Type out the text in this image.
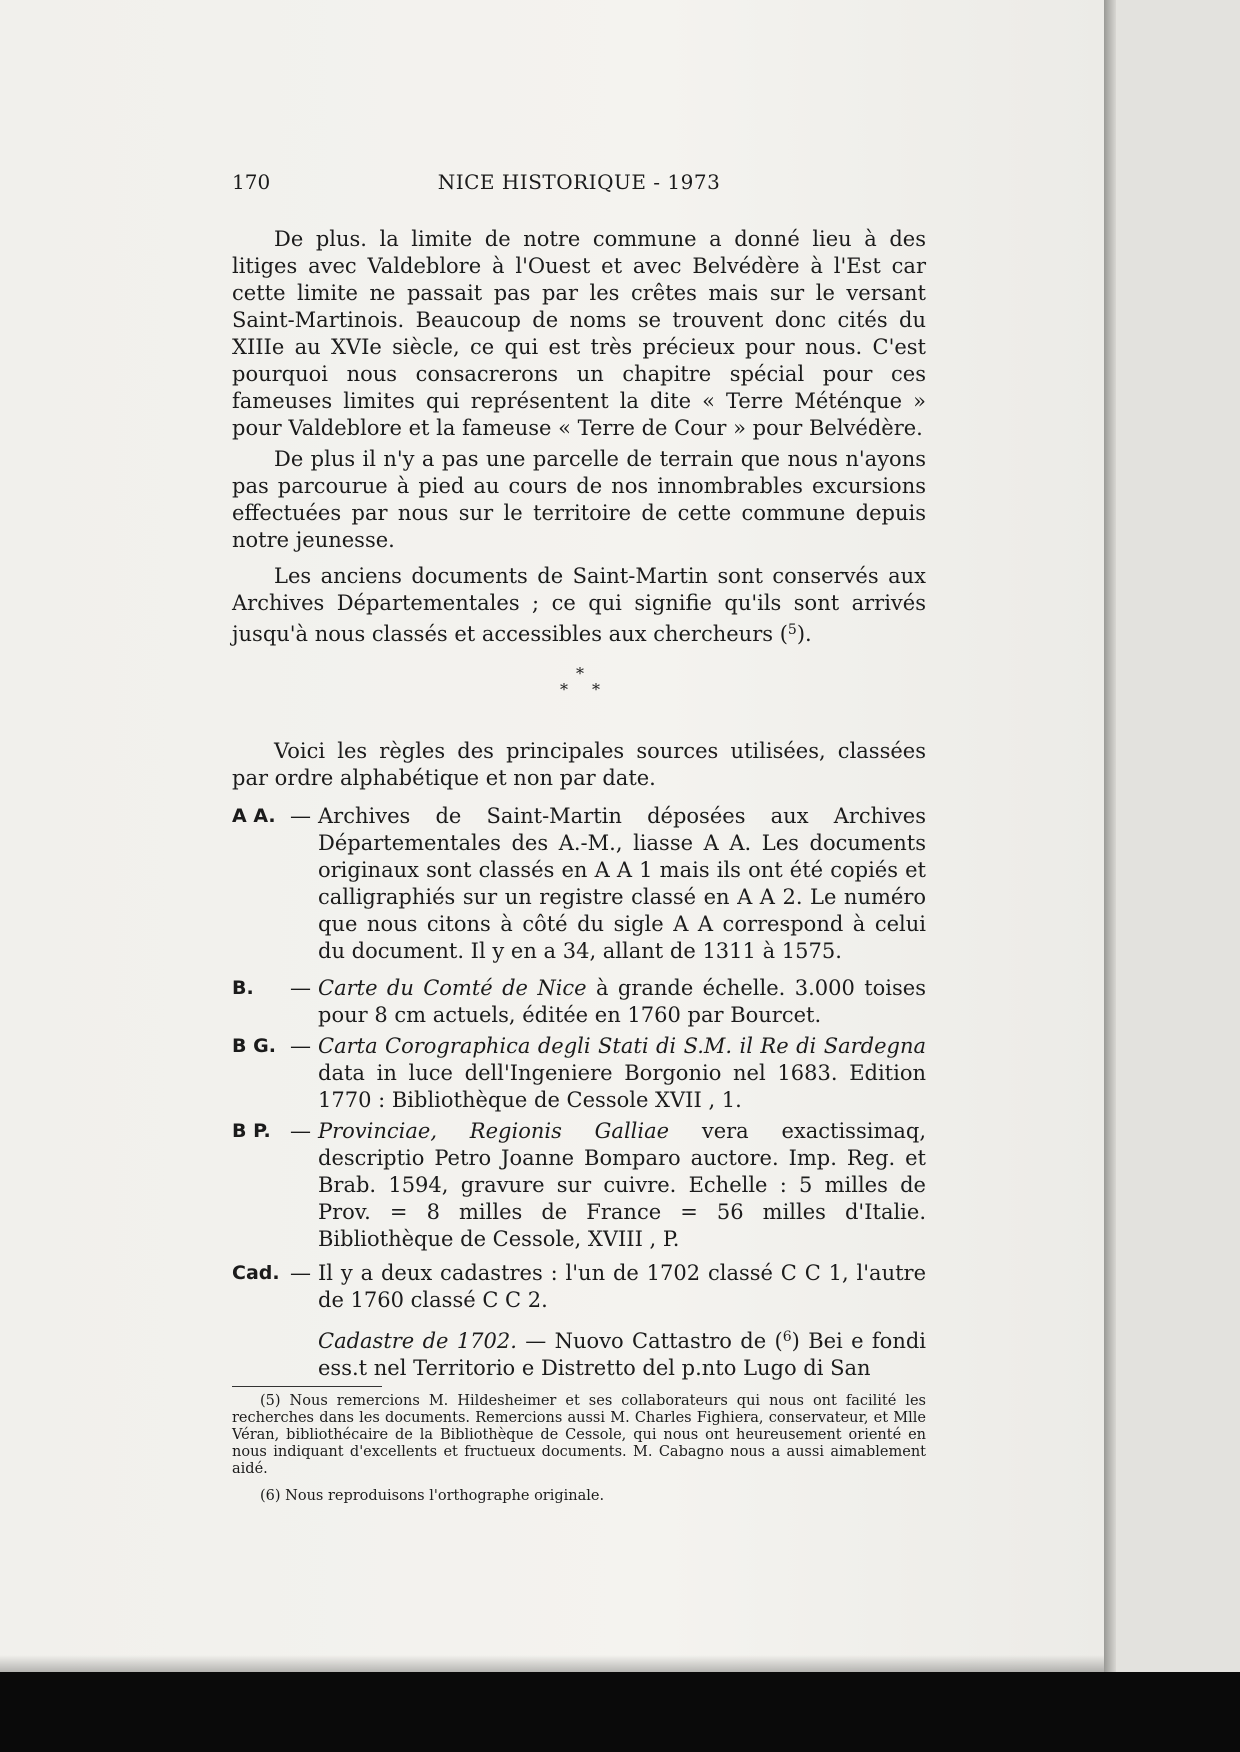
170	NICE HISTORIQUE - 1973

De plus. la limite de notre commune a donné lieu à des litiges avec Valdeblore à l'Ouest et avec Belvédère à l'Est car cette limite ne passait pas par les crêtes mais sur le versant Saint-Martinois. Beaucoup de noms se trouvent donc cités du XIIIe au XVIe siècle, ce qui est très précieux pour nous. C'est pourquoi nous consacrerons un chapitre spécial pour ces fameuses limites qui représentent la dite « Terre Méténque » pour Valdeblore et la fameuse « Terre de Cour » pour Belvédère.

De plus il n'y a pas une parcelle de terrain que nous n'ayons pas parcourue à pied au cours de nos innombrables excursions effectuées par nous sur le territoire de cette commune depuis notre jeunesse.

Les anciens documents de Saint-Martin sont conservés aux Archives Départementales ; ce qui signifie qu'ils sont arrivés jusqu'à nous classés et accessibles aux chercheurs ($^5$).

*
* *

Voici les règles des principales sources utilisées, classées par ordre alphabétique et non par date.

A A. — Archives de Saint-Martin déposées aux Archives Départementales des A.-M., liasse A A. Les documents originaux sont classés en A A 1 mais ils ont été copiés et calligraphiés sur un registre classé en A A 2. Le numéro que nous citons à côté du sigle A A correspond à celui du document. Il y en a 34, allant de 1311 à 1575.

B. — Carte du Comté de Nice à grande échelle. 3.000 toises pour 8 cm actuels, éditée en 1760 par Bourcet.

B G. — Carta Corographica degli Stati di S.M. il Re di Sardegna data in luce dell'Ingeniere Borgonio nel 1683. Edition 1770 : Bibliothèque de Cessole XVII , 1.

B P. — Provinciae, Regionis Galliae vera exactissimaq, descriptio Petro Joanne Bomparo auctore. Imp. Reg. et Brab. 1594, gravure sur cuivre. Echelle : 5 milles de Prov. = 8 milles de France = 56 milles d'Italie. Bibliothèque de Cessole, XVIII , P.

Cad. — Il y a deux cadastres : l'un de 1702 classé C C 1, l'autre de 1760 classé C C 2.

Cadastre de 1702. — Nuovo Cattastro de ($^6$) Bei e fondi ess.t nel Territorio e Distretto del p.nto Lugo di San

(5) Nous remercions M. Hildesheimer et ses collaborateurs qui nous ont facilité les recherches dans les documents. Remercions aussi M. Charles Fighiera, conservateur, et Mlle Véran, bibliothécaire de la Bibliothèque de Cessole, qui nous ont heureusement orienté en nous indiquant d'excellents et fructueux documents. M. Cabagno nous a aussi aimablement aidé.

(6) Nous reproduisons l'orthographe originale.
